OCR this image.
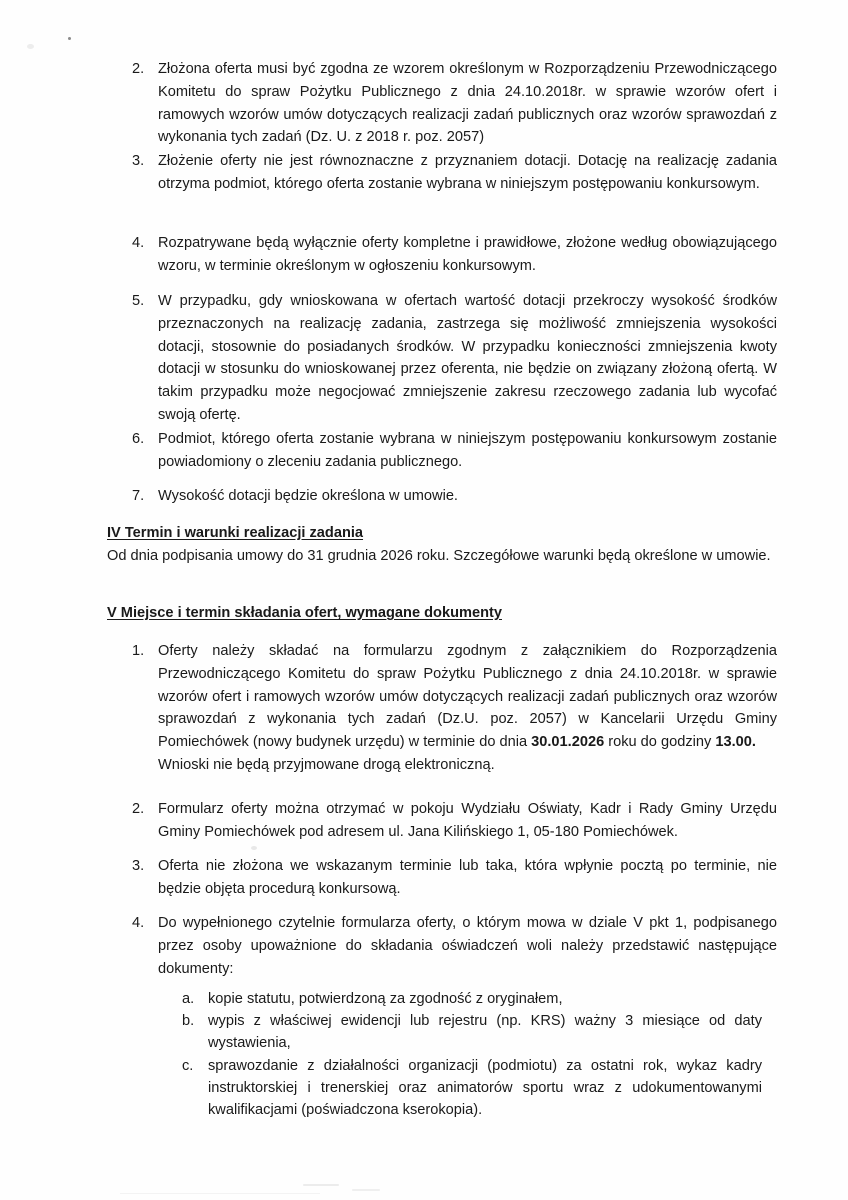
2. Złożona oferta musi być zgodna ze wzorem określonym w Rozporządzeniu Przewodniczącego Komitetu do spraw Pożytku Publicznego z dnia 24.10.2018r. w sprawie wzorów ofert i ramowych wzorów umów dotyczących realizacji zadań publicznych oraz wzorów sprawozdań z wykonania tych zadań (Dz. U. z 2018 r. poz. 2057)

3. Złożenie oferty nie jest równoznaczne z przyznaniem dotacji. Dotację na realizację zadania otrzyma podmiot, którego oferta zostanie wybrana w niniejszym postępowaniu konkursowym.

4. Rozpatrywane będą wyłącznie oferty kompletne i prawidłowe, złożone według obowiązującego wzoru, w terminie określonym w ogłoszeniu konkursowym.

5. W przypadku, gdy wnioskowana w ofertach wartość dotacji przekroczy wysokość środków przeznaczonych na realizację zadania, zastrzega się możliwość zmniejszenia wysokości dotacji, stosownie do posiadanych środków. W przypadku konieczności zmniejszenia kwoty dotacji w stosunku do wnioskowanej przez oferenta, nie będzie on związany złożoną ofertą. W takim przypadku może negocjować zmniejszenie zakresu rzeczowego zadania lub wycofać swoją ofertę.

6. Podmiot, którego oferta zostanie wybrana w niniejszym postępowaniu konkursowym zostanie powiadomiony o zleceniu zadania publicznego.

7. Wysokość dotacji będzie określona w umowie.

IV Termin i warunki realizacji zadania
Od dnia podpisania umowy do 31 grudnia 2026 roku. Szczegółowe warunki będą określone w umowie.
V Miejsce i termin składania ofert, wymagane dokumenty
1. Oferty należy składać na formularzu zgodnym z załącznikiem do Rozporządzenia Przewodniczącego Komitetu do spraw Pożytku Publicznego z dnia 24.10.2018r. w sprawie wzorów ofert i ramowych wzorów umów dotyczących realizacji zadań publicznych oraz wzorów sprawozdań z wykonania tych zadań (Dz.U. poz. 2057) w Kancelarii Urzędu Gminy Pomiechówek (nowy budynek urzędu) w terminie do dnia 30.01.2026 roku do godziny 13.00.

Wnioski nie będą przyjmowane drogą elektroniczną.

2. Formularz oferty można otrzymać w pokoju Wydziału Oświaty, Kadr i Rady Gminy Urzędu Gminy Pomiechówek pod adresem ul. Jana Kilińskiego 1, 05-180 Pomiechówek.

3. Oferta nie złożona we wskazanym terminie lub taka, która wpłynie pocztą po terminie, nie będzie objęta procedurą konkursową.

4. Do wypełnionego czytelnie formularza oferty, o którym mowa w dziale V pkt 1, podpisanego przez osoby upoważnione do składania oświadczeń woli należy przedstawić następujące dokumenty:

a. kopie statutu, potwierdzoną za zgodność z oryginałem,

b. wypis z właściwej ewidencji lub rejestru (np. KRS) ważny 3 miesiące od daty wystawienia,

c.	sprawozdanie z działalności organizacji (podmiotu) za ostatni rok, wykaz kadry instruktorskiej i trenerskiej oraz animatorów sportu wraz z udokumentowanymi kwalifikacjami (poświadczona kserokopia).
